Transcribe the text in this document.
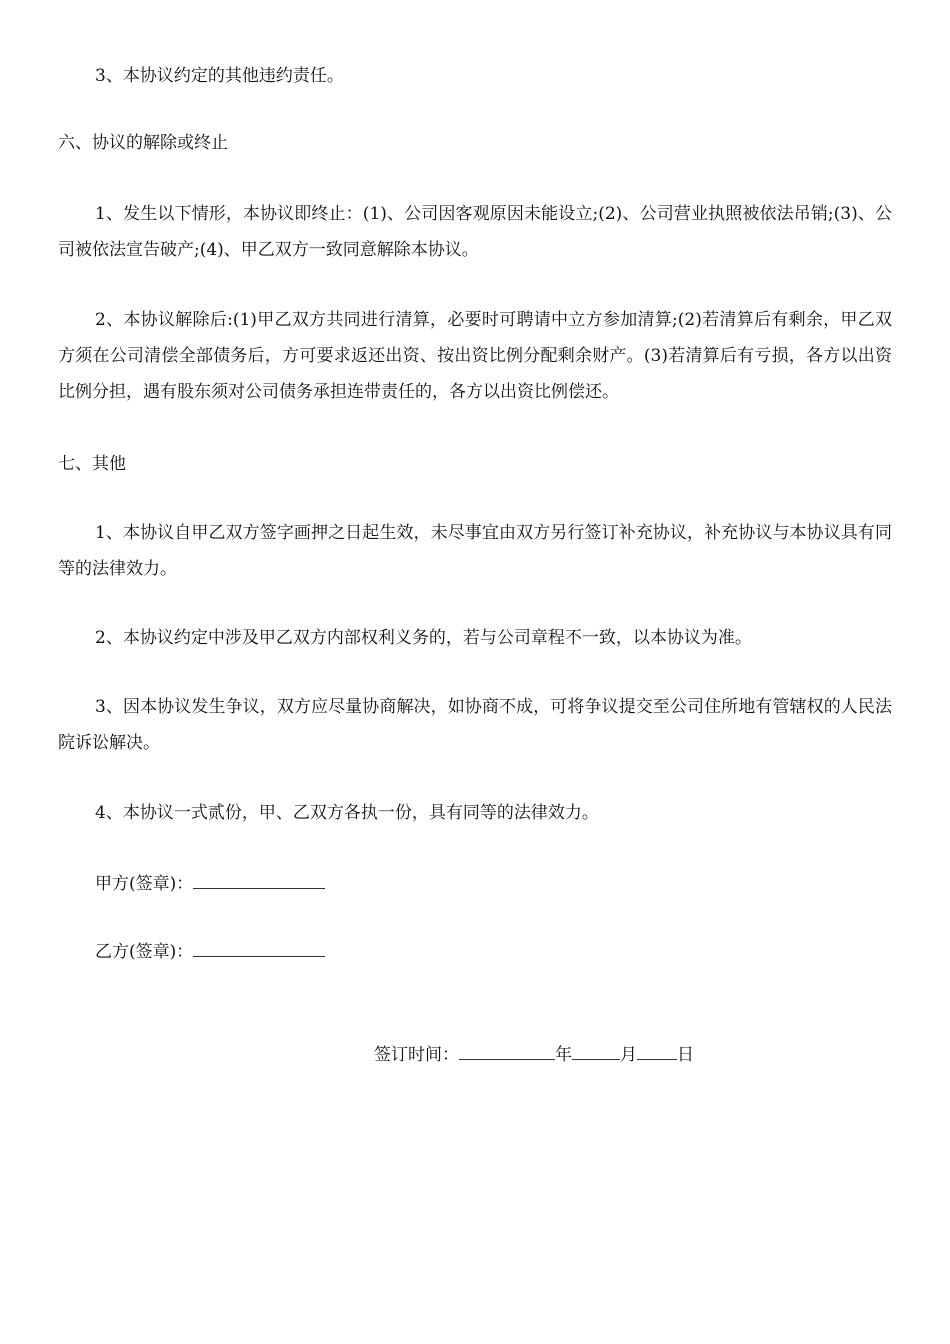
3、本协议约定的其他违约责任。
六、协议的解除或终止
1、发生以下情形，本协议即终止：(1)、公司因客观原因未能设立;(2)、公司营业执照被依法吊销;(3)、公司被依法宣告破产;(4)、甲乙双方一致同意解除本协议。
2、本协议解除后:(1)甲乙双方共同进行清算，必要时可聘请中立方参加清算;(2)若清算后有剩余，甲乙双方须在公司清偿全部债务后，方可要求返还出资、按出资比例分配剩余财产。(3)若清算后有亏损，各方以出资比例分担，遇有股东须对公司债务承担连带责任的，各方以出资比例偿还。
七、其他
1、本协议自甲乙双方签字画押之日起生效，未尽事宜由双方另行签订补充协议，补充协议与本协议具有同等的法律效力。
2、本协议约定中涉及甲乙双方内部权利义务的，若与公司章程不一致，以本协议为准。
3、因本协议发生争议，双方应尽量协商解决，如协商不成，可将争议提交至公司住所地有管辖权的人民法院诉讼解决。
4、本协议一式贰份，甲、乙双方各执一份，具有同等的法律效力。
甲方(签章)：
乙方(签章)：
签订时间：	年	月 日
